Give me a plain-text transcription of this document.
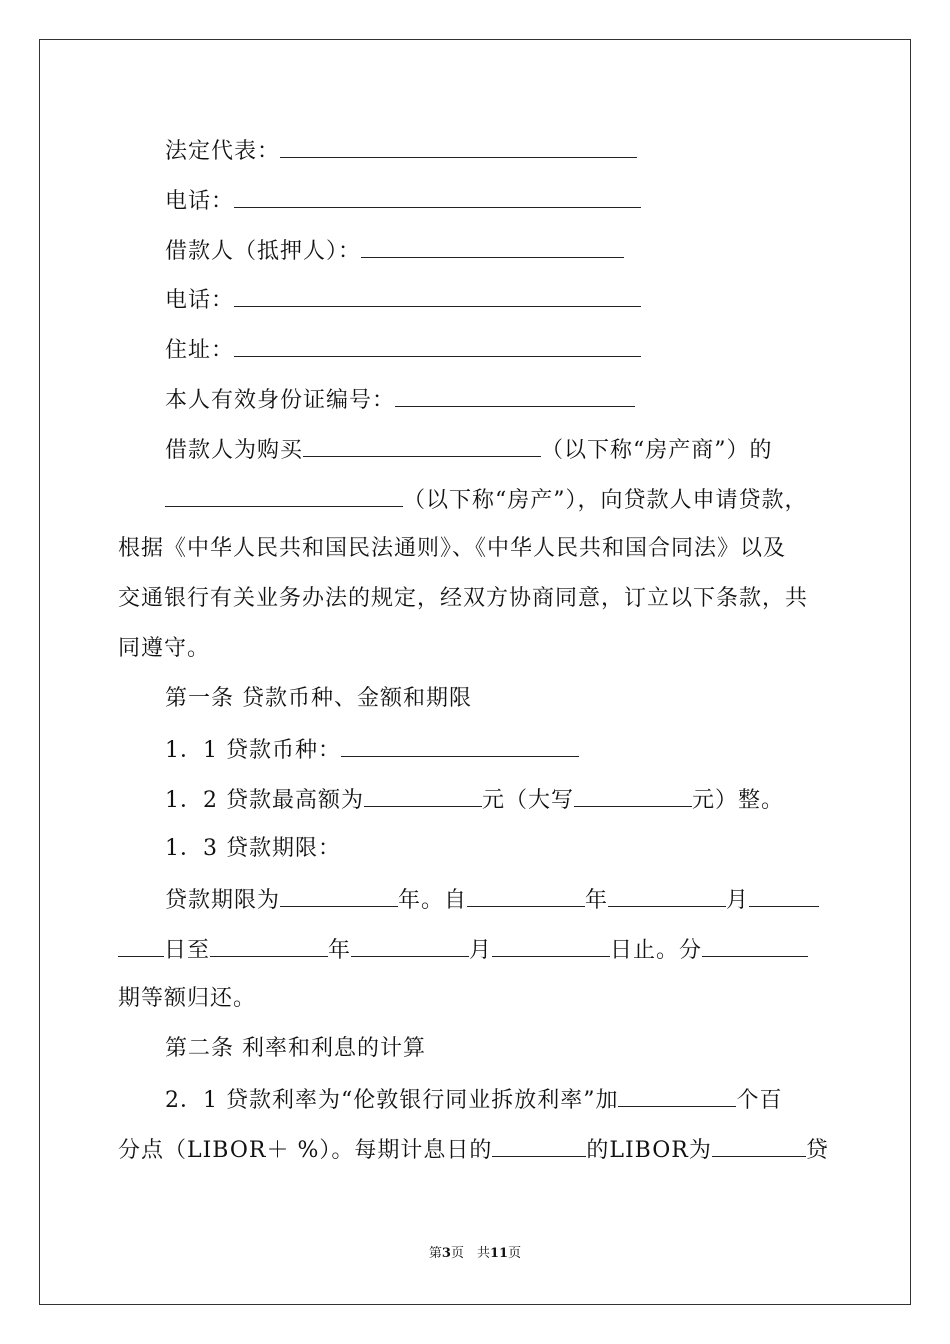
法定代表：
电话：
借款人（抵押人）：
电话：
住址：
本人有效身份证编号：
借款人为购买	（以下称“房产商”）的
（以下称“房产”），向贷款人申请贷款，
根据《中华人民共和国民法通则》、《中华人民共和国合同法》以及
交通银行有关业务办法的规定，经双方协商同意，订立以下条款，共
同遵守。
第一条 贷款币种、金额和期限
1．1 贷款币种：
1．2 贷款最高额为	元（大写	元）整。
1．3 贷款期限：
贷款期限为	年。自	年	月
日至	年	月	日止。分
期等额归还。
第二条 利率和利息的计算
2．1 贷款利率为“伦敦银行同业拆放利率”加	个百
分点（LIBOR＋ %）。每期计息日的	的LIBOR为	贷
第3页　共11页
